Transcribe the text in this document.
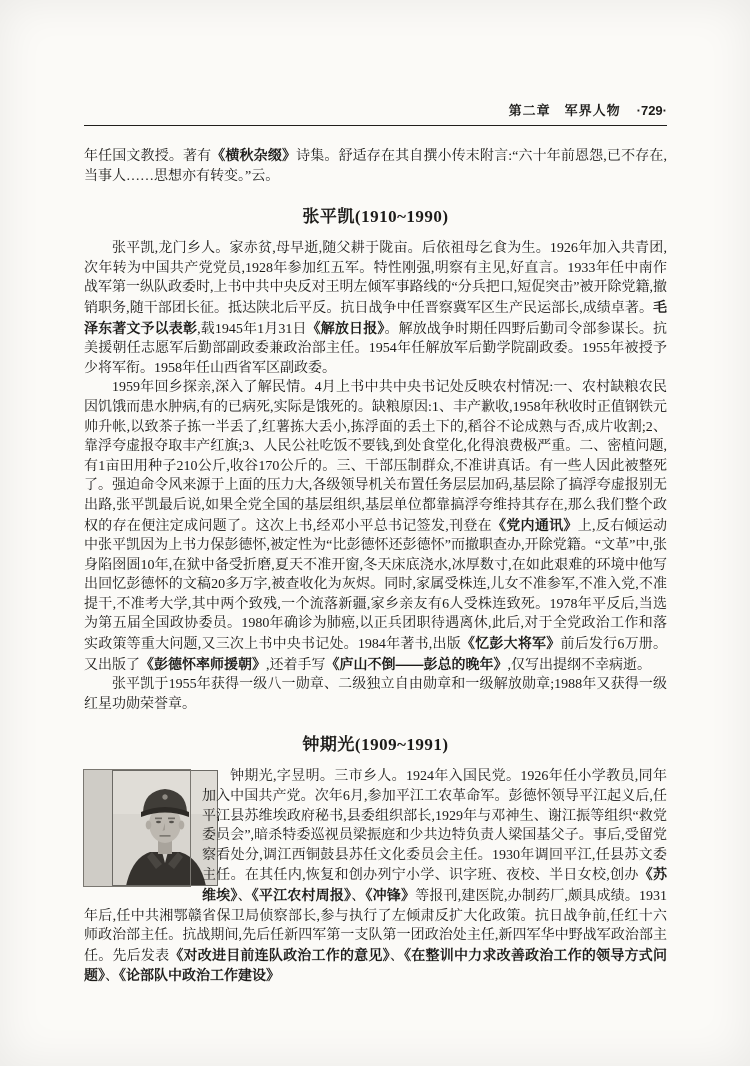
第二章　军界人物 ·729·

年任国文教授。著有《横秋杂缀》诗集。舒适存在其自撰小传末附言:“六十年前恩怨,已不存在,当事人……思想亦有转变。”云。

张平凯(1910~1990)

张平凯,龙门乡人。家赤贫,母早逝,随父耕于陇亩。后依祖母乞食为生。1926年加入共青团,次年转为中国共产党党员,1928年参加红五军。特性刚强,明察有主见,好直言。1933年任中南作战军第一纵队政委时,上书中共中央反对王明左倾军事路线的“分兵把口,短促突击”被开除党籍,撤销职务,随干部团长征。抵达陕北后平反。抗日战争中任晋察冀军区生产民运部长,成绩卓著。毛泽东著文予以表彰,载1945年1月31日《解放日报》。解放战争时期任四野后勤司令部参谋长。抗美援朝任志愿军后勤部副政委兼政治部主任。1954年任解放军后勤学院副政委。1955年被授予少将军衔。1958年任山西省军区副政委。

1959年回乡探亲,深入了解民情。4月上书中共中央书记处反映农村情况:一、农村缺粮农民因饥饿而患水肿病,有的已病死,实际是饿死的。缺粮原因:1、丰产歉收,1958年秋收时正值钢铁元帅升帐,以致茶子拣一半丢了,红薯拣大丢小,拣浮面的丢土下的,稻谷不论成熟与否,成片收割;2、靠浮夸虚报夺取丰产红旗;3、人民公社吃饭不要钱,到处食堂化,化得浪费极严重。二、密植问题,有1亩田用种子210公斤,收谷170公斤的。三、干部压制群众,不准讲真话。有一些人因此被整死了。强迫命令风来源于上面的压力大,各级领导机关布置任务层层加码,基层除了搞浮夸虚报别无出路,张平凯最后说,如果全党全国的基层组织,基层单位都靠搞浮夸维持其存在,那么我们整个政权的存在便注定成问题了。这次上书,经邓小平总书记签发,刊登在《党内通讯》上,反右倾运动中张平凯因为上书力保彭德怀,被定性为“比彭德怀还彭德怀”而撤职查办,开除党籍。“文革”中,张身陷囹圄10年,在狱中备受折磨,夏天不准开窗,冬天床底浇水,冰厚数寸,在如此艰难的环境中他写出回忆彭德怀的文稿20多万字,被查收化为灰烬。同时,家属受株连,儿女不准参军,不准入党,不准提干,不准考大学,其中两个致残,一个流落新疆,家乡亲友有6人受株连致死。1978年平反后,当选为第五届全国政协委员。1980年确诊为肺癌,以正兵团职待遇离休,此后,对于全党政治工作和落实政策等重大问题,又三次上书中央书记处。1984年著书,出版《忆彭大将军》前后发行6万册。又出版了《彭德怀率师援朝》,还着手写《庐山不倒——彭总的晚年》,仅写出提纲不幸病逝。

张平凯于1955年获得一级八一勋章、二级独立自由勋章和一级解放勋章;1988年又获得一级红星功勋荣誉章。

钟期光(1909~1991)
钟期光,字昱明。三市乡人。1924年入国民党。1926年任小学教员,同年加入中国共产党。次年6月,参加平江工农革命军。彭德怀领导平江起义后,任平江县苏维埃政府秘书,县委组织部长,1929年与邓神生、谢江振等组织“救党委员会”,暗杀特委巡视员梁振庭和少共边特负责人梁国基父子。事后,受留党察看处分,调江西铜鼓县苏任文化委员会主任。1930年调回平江,任县苏文委主任。在其任内,恢复和创办列宁小学、识字班、夜校、半日女校,创办《苏维埃》、《平江农村周报》、《冲锋》等报刊,建医院,办制药厂,颇具成绩。1931年后,任中共湘鄂赣省保卫局侦察部长,参与执行了左倾肃反扩大化政策。抗日战争前,任红十六师政治部主任。抗战期间,先后任新四军第一支队第一团政治处主任,新四军华中野战军政治部主任。先后发表《对改进目前连队政治工作的意见》、《在整训中力求改善政治工作的领导方式问题》、《论部队中政治工作建设》
